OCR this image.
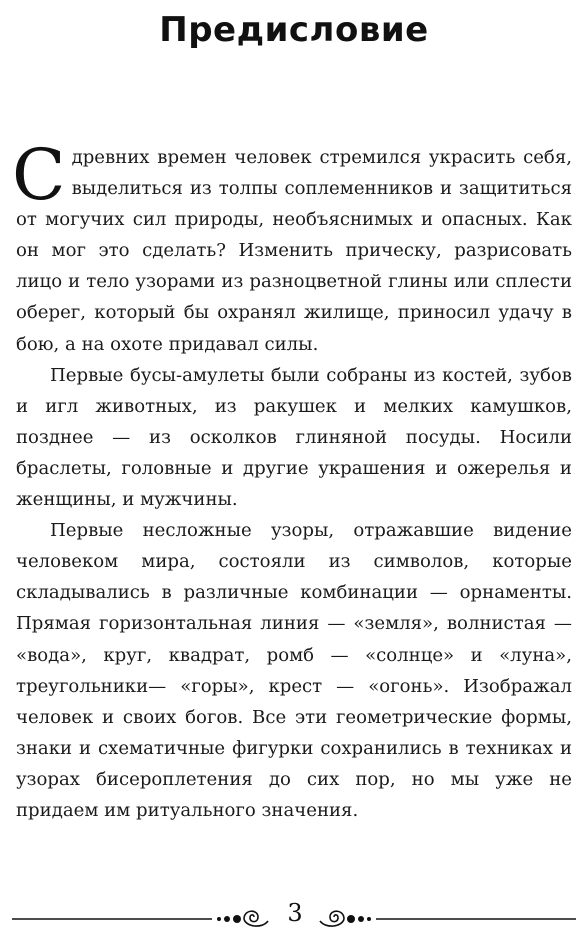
Предисловие

Сдревних времен человек стремился украсить себя, выделиться из толпы соплеменников и защититься от могучих сил природы, необъяснимых и опасных. Как он мог это сделать? Изменить прическу, разрисовать лицо и тело узорами из разноцветной глины или сплести оберег, который бы охранял жилище, приносил удачу в бою, а на охоте придавал силы.

Первые бусы-амулеты были собраны из костей, зубов и игл животных, из ракушек и мелких камушков, позднее — из осколков глиняной посуды. Носили браслеты, головные и другие украшения и ожерелья и женщины, и мужчины.

Первые несложные узоры, отражавшие видение человеком мира, состояли из символов, которые складывались в различные комбинации — орнаменты. Прямая горизонтальная линия — «земля», волнистая — «вода», круг, квадрат, ромб — «солнце» и «луна», треугольники— «горы», крест — «огонь». Изображал человек и своих богов. Все эти геометрические формы, знаки и схематичные фигурки сохранились в техниках и узорах бисероплетения до сих пор, но мы уже не придаем им ритуального значения.

3
